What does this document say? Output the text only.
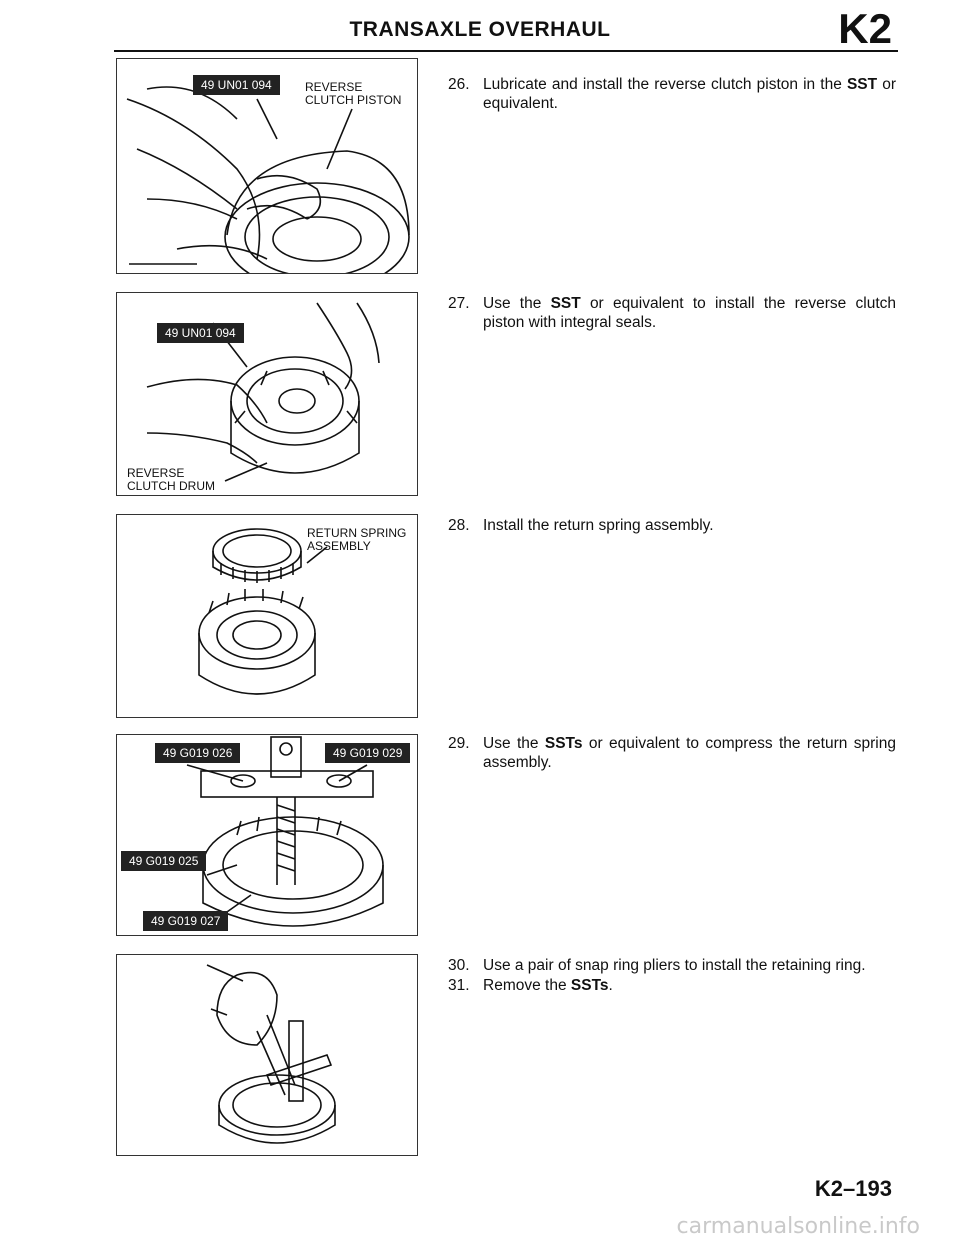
TRANSAXLE OVERHAUL	K2
49 UN01 094	REVERSE
CLUTCH PISTON
49 UN01 094
REVERSE
CLUTCH DRUM
RETURN SPRING
ASSEMBLY
49 G019 026	49 G019 029
49 G019 025
49 G019 027
26. Lubricate and install the reverse clutch piston in the SST or equivalent.
27. Use the SST or equivalent to install the reverse clutch piston with integral seals.
28. Install the return spring assembly.
29. Use the SSTs or equivalent to compress the return spring assembly.
30. Use a pair of snap ring pliers to install the retaining ring.
31. Remove the SSTs.
K2–193
carmanualsonline.info
